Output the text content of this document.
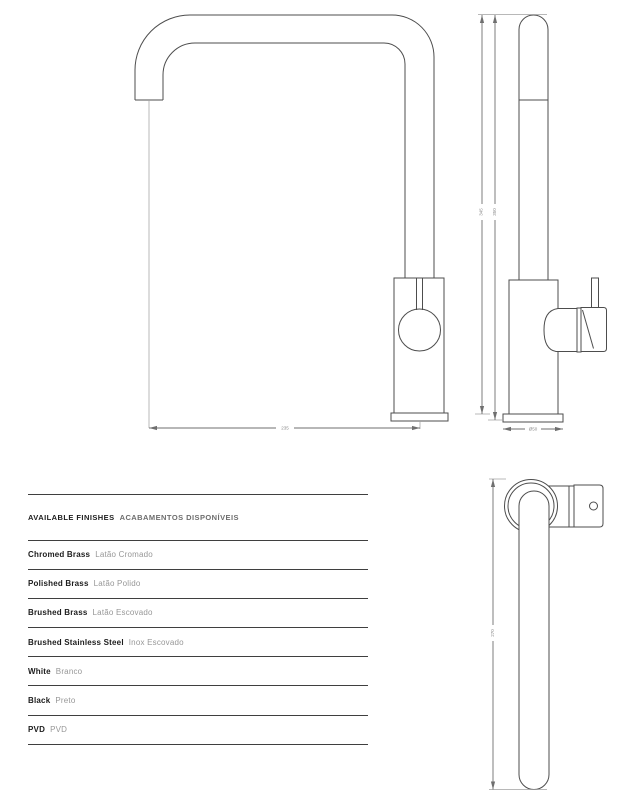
235
345 350
Ø50
270
AVAILABLE FINISHES ACABAMENTOS DISPONÍVEIS
Chromed Brass Latão Cromado
Polished Brass Latão Polido
Brushed Brass Latão Escovado
Brushed Stainless Steel Inox Escovado
White Branco
Black Preto
PVD PVD
